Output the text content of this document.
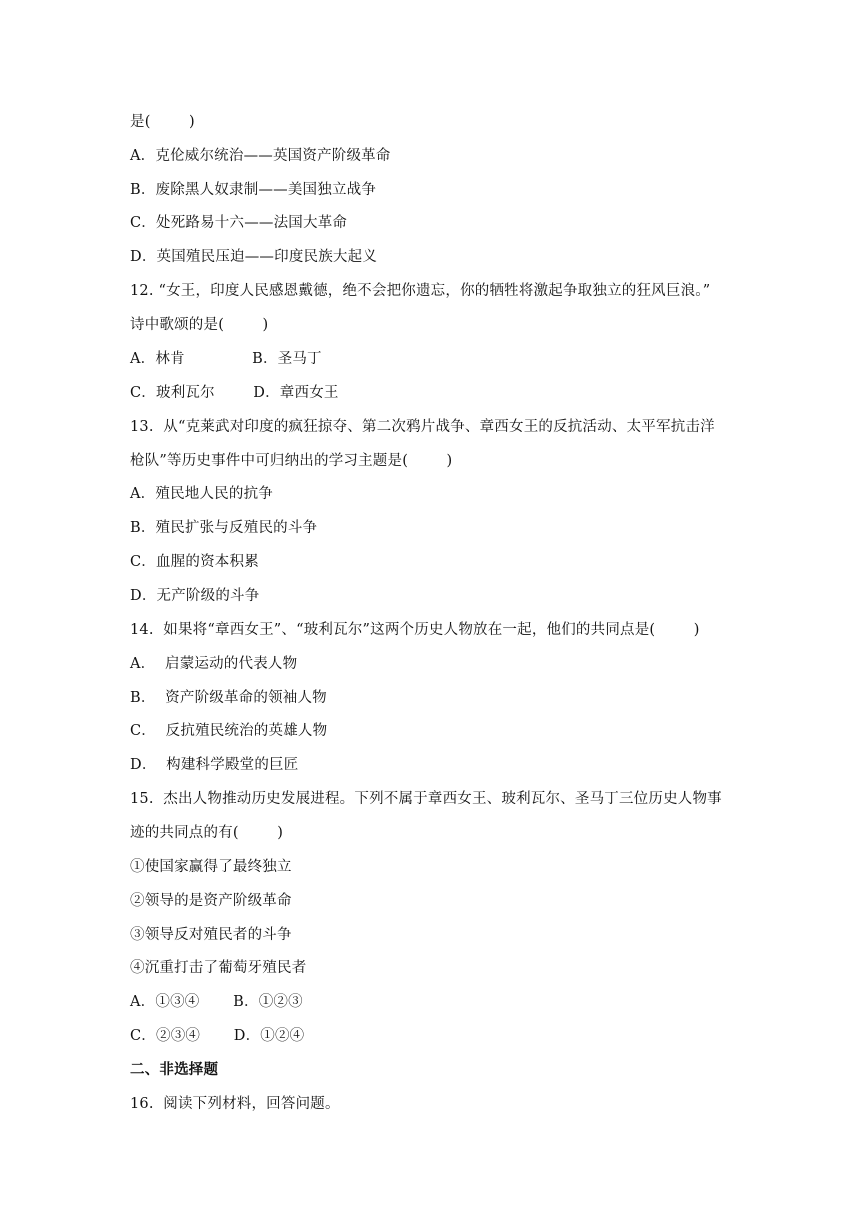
是(        )
A．克伦威尔统治——英国资产阶级革命
B．废除黑人奴隶制——美国独立战争
C．处死路易十六——法国大革命
D．英国殖民压迫——印度民族大起义
12. “女王，印度人民感恩戴德，绝不会把你遗忘，你的牺牲将激起争取独立的狂风巨浪。”
诗中歌颂的是(        )
A．林肯              B．圣马丁
C．玻利瓦尔        D．章西女王
13.  从“克莱武对印度的疯狂掠夺、第二次鸦片战争、章西女王的反抗活动、太平军抗击洋
枪队”等历史事件中可归纳出的学习主题是(        )
A．殖民地人民的抗争
B．殖民扩张与反殖民的斗争
C．血腥的资本积累
D．无产阶级的斗争
14.  如果将“章西女王”、“玻利瓦尔”这两个历史人物放在一起，他们的共同点是(        )
A．  启蒙运动的代表人物
B．  资产阶级革命的领袖人物
C．  反抗殖民统治的英雄人物
D．  构建科学殿堂的巨匠
15.  杰出人物推动历史发展进程。下列不属于章西女王、玻利瓦尔、圣马丁三位历史人物事
迹的共同点的有(        )
①使国家赢得了最终独立
②领导的是资产阶级革命
③领导反对殖民者的斗争
④沉重打击了葡萄牙殖民者
A．①③④       B．①②③
C．②③④       D．①②④
二、非选择题
16.  阅读下列材料，回答问题。
